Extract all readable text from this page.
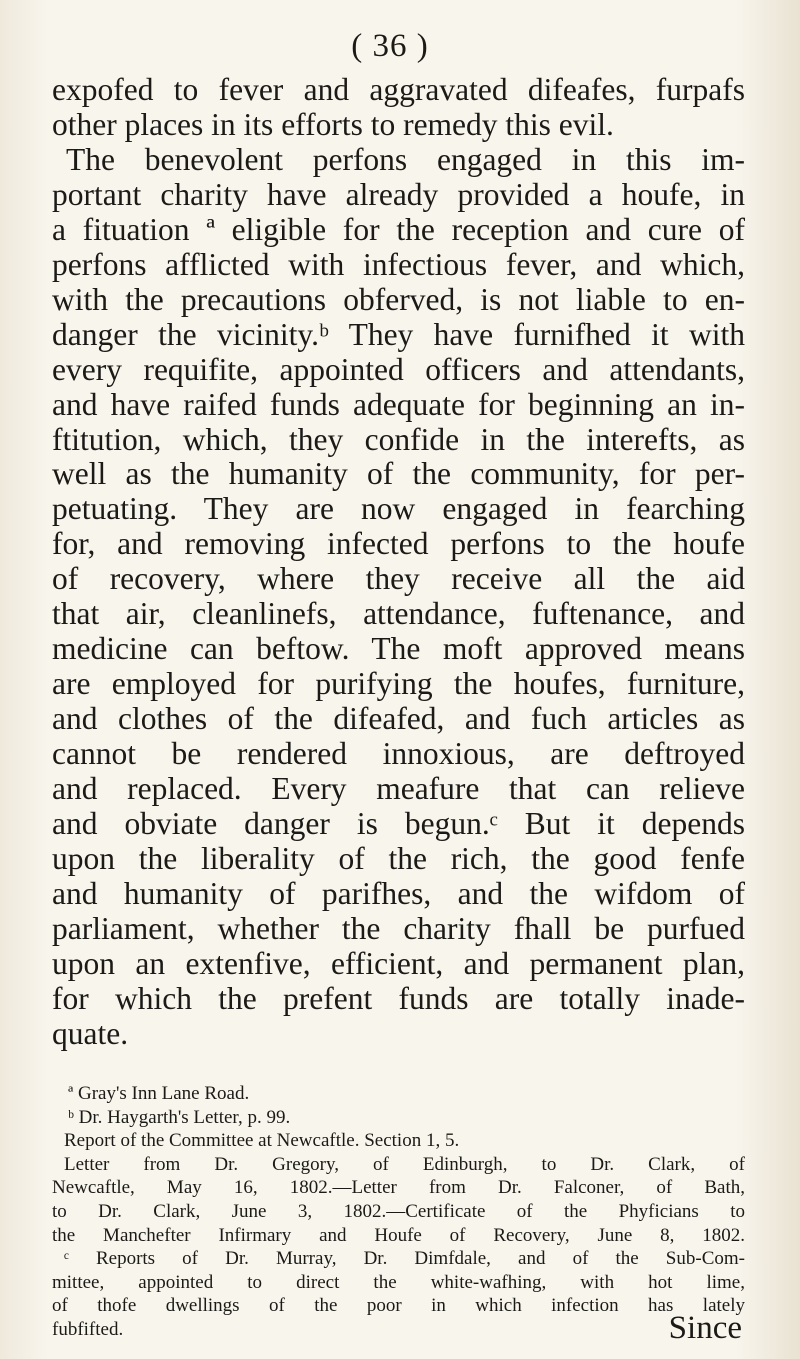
( 36 )
expofed to fever and aggravated difeafes, furpafs
other places in its efforts to remedy this evil.
The benevolent perfons engaged in this im-
portant charity have already provided a houfe, in
a fituation ª eligible for the reception and cure of
perfons afflicted with infectious fever, and which,
with the precautions obferved, is not liable to en-
danger the vicinity.ᵇ They have furnifhed it with
every requifite, appointed officers and attendants,
and have raifed funds adequate for beginning an in-
ftitution, which, they confide in the interefts, as
well as the humanity of the community, for per-
petuating. They are now engaged in fearching
for, and removing infected perfons to the houfe
of recovery, where they receive all the aid
that air, cleanlinefs, attendance, fuftenance, and
medicine can beftow. The moft approved means
are employed for purifying the houfes, furniture,
and clothes of the difeafed, and fuch articles as
cannot be rendered innoxious, are deftroyed
and replaced. Every meafure that can relieve
and obviate danger is begun.ᶜ But it depends
upon the liberality of the rich, the good fenfe
and humanity of parifhes, and the wifdom of
parliament, whether the charity fhall be purfued
upon an extenfive, efficient, and permanent plan,
for which the prefent funds are totally inade-
quate.
ª Gray's Inn Lane Road.
ᵇ Dr. Haygarth's Letter, p. 99.
Report of the Committee at Newcaftle. Section 1, 5.
Letter from Dr. Gregory, of Edinburgh, to Dr. Clark, of
Newcaftle, May 16, 1802.—Letter from Dr. Falconer, of Bath,
to Dr. Clark, June 3, 1802.—Certificate of the Phyficians to
the Manchefter Infirmary and Houfe of Recovery, June 8, 1802.
ᶜ Reports of Dr. Murray, Dr. Dimfdale, and of the Sub-Com-
mittee, appointed to direct the white-wafhing, with hot lime,
of thofe dwellings of the poor in which infection has lately
fubfifted.	Since
